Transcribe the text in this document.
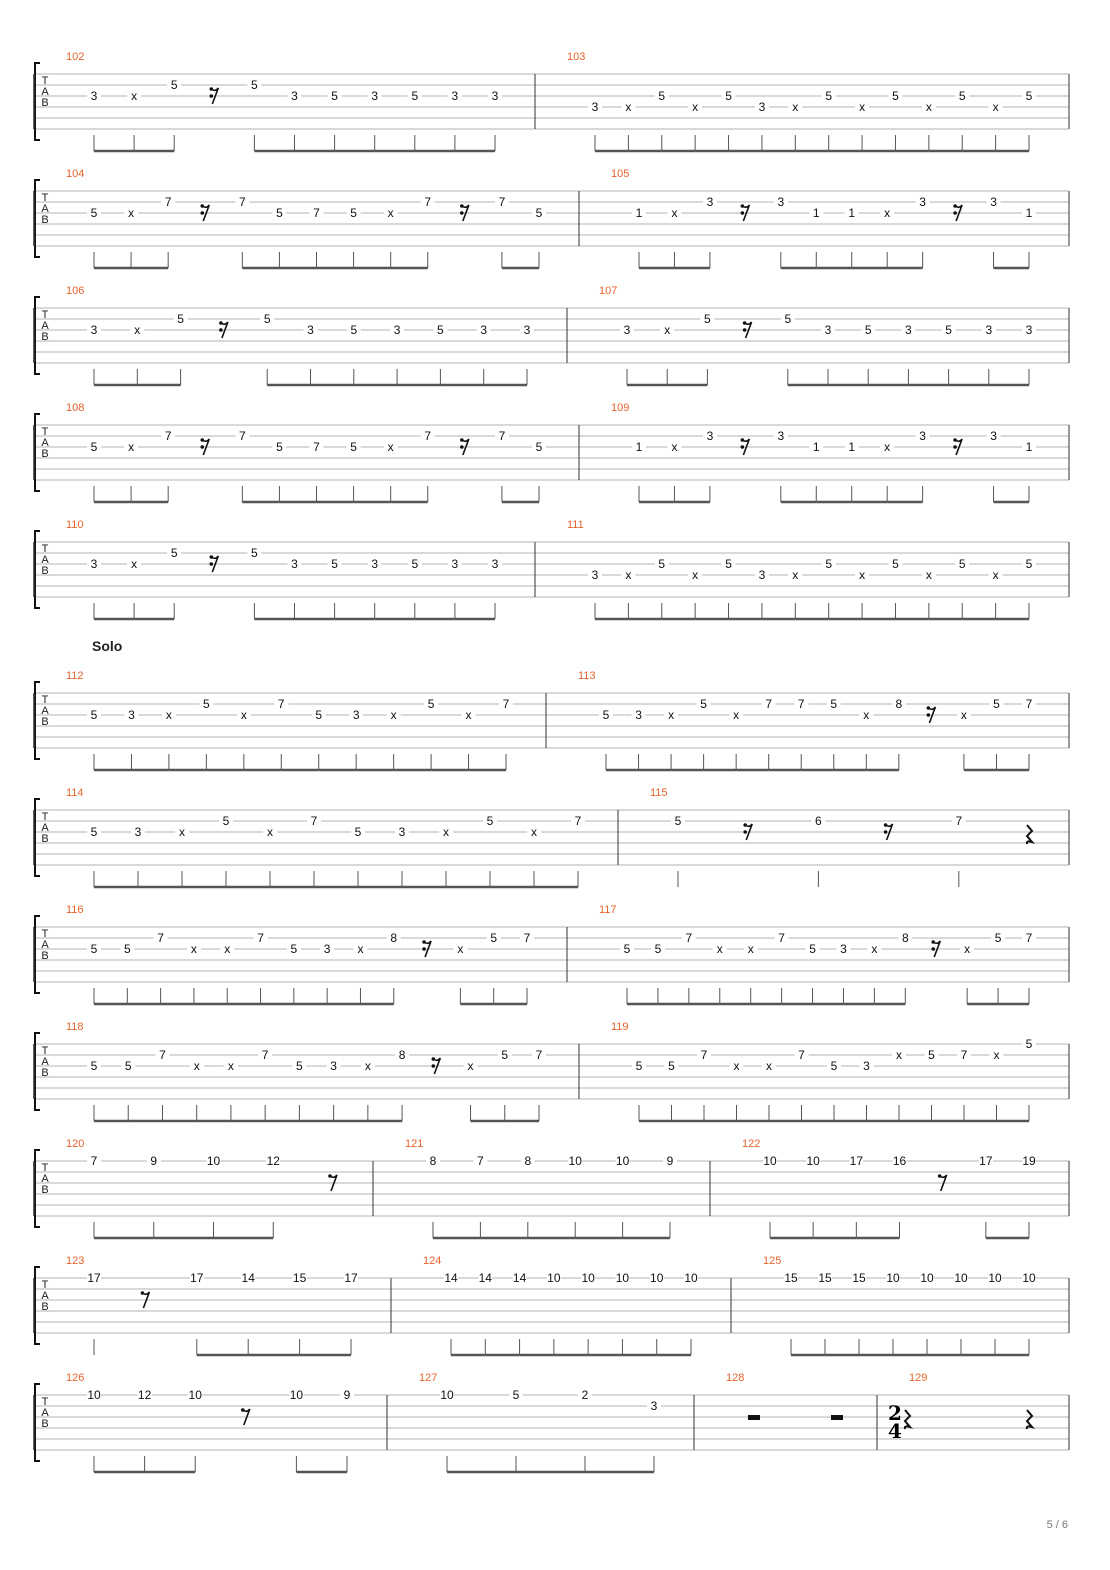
T
A
B
102
3	x
5	5
3	5	3	5	3	3
103
3 x
5
x
5
3 x
5
x
5
x
5
x
5
T
A
B
104
5	x
7	7
5	7	5	x
7	7
5
105
1 x
3	3
1 1 x
3	3
1
T
A
B
106
3	x
5	5
3	5	3	5	3	3
107
3	x
5	5
3	5	3	5	3	3
T
A
B
108
5	x
7	7
5	7	5	x
7	7
5
109
1 x
3	3
1 1 x
3	3
1
T
A
B
110
3	x
5	5
3	5	3	5	3	3
111
3 x
5
x
5
3 x
5
x
5
x
5
x
5
Solo
T
A
B
112
5	3	x
5
x
7
5	3	x
5
x
7
113
5 3 x
5
x
7 7 5
x
8
x
5 7
T
A
B
114
5	3	x
5
x
7
5	3	x
5
x
7
115
5	6	7
T
A
B
116
5 5
7
x x
7
5 3 x
8
x
5 7
117
5 5
7
x x
7
5 3 x
8
x
5 7
T
A
B
118
5 5
7
x x
7
5 3 x
8
x
5 7
119
5 5
7
x x
7
5 3
x 5 7 x
5
T
A
B
120
7	9	10	12
121
8	7	8	10	10	9
122
10 10 17 16	17 19
T
A
B
123
17	17	14	15	17
124
14 14 14 10 10 10 10 10
125
15 15 15 10 10 10 10 10
T
A
B
126
10	12	10	10	9
127
10	5	2
3
128	129
2
4
5 / 6
